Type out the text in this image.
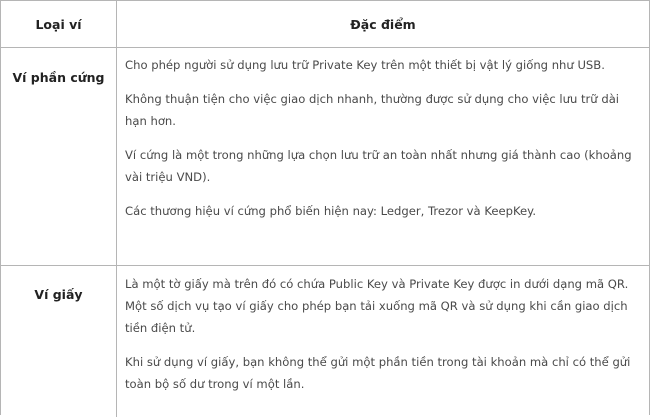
Loại ví	Đặc điểm
Ví phần cứng

Cho phép người sử dụng lưu trữ Private Key trên một thiết bị vật lý giống như USB.

Không thuận tiện cho việc giao dịch nhanh, thường được sử dụng cho việc lưu trữ dài hạn hơn.

Ví cứng là một trong những lựa chọn lưu trữ an toàn nhất nhưng giá thành cao (khoảng vài triệu VND).

Các thương hiệu ví cứng phổ biến hiện nay: Ledger, Trezor và KeepKey.

Ví giấy

Là một tờ giấy mà trên đó có chứa Public Key và Private Key được in dưới dạng mã QR. Một số dịch vụ tạo ví giấy cho phép bạn tải xuống mã QR và sử dụng khi cần giao dịch tiền điện tử.

Khi sử dụng ví giấy, bạn không thể gửi một phần tiền trong tài khoản mà chỉ có thể gửi toàn bộ số dư trong ví một lần.
